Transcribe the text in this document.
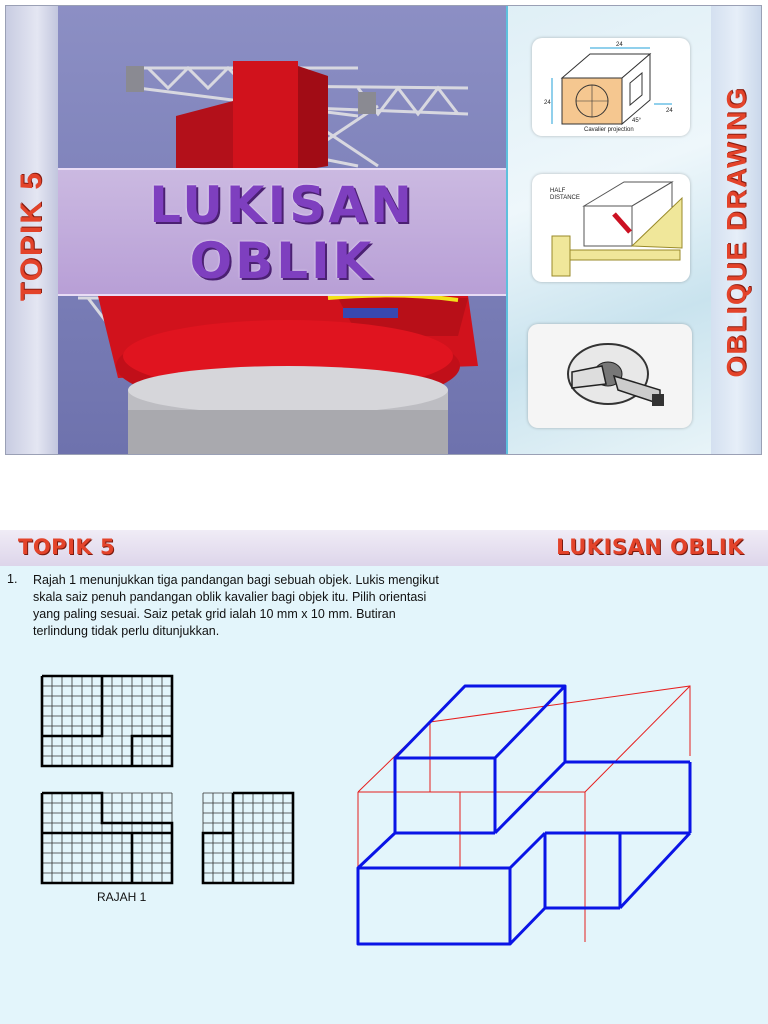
TOPIK 5	LUKISAN
OBLIK
24
24
24
45°
Cavalier projection
HALF DISTANCE	OBLIQUE DRAWING
TOPIK 5	LUKISAN OBLIK
1. Rajah 1 menunjukkan tiga pandangan bagi sebuah objek. Lukis mengikut skala saiz penuh pandangan oblik kavalier bagi objek itu. Pilih orientasi yang paling sesuai. Saiz petak grid ialah 10 mm x 10 mm. Butiran terlindung tidak perlu ditunjukkan.
RAJAH 1
